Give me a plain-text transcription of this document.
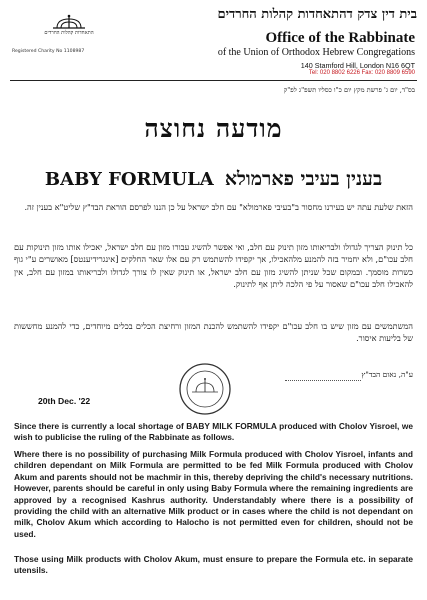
בית דין צדק דהתאחדות קהלות החרדים
התאחדות קהלות החרדים
Registered Charity No 1108987
Office of the Rabbinate
of the Union of Orthodox Hebrew Congregations
140 Stamford Hill, London N16 6QT
Tel: 020 8802 6226 Fax: 020 8809 6590
בס"ד, יום ג' פרשת מקץ יום כ"ו כסליו תשפ"ג לפ"ק
מודעה נחוצה
BABY FORMULA בענין בעיבי פארמולא
הזאת שלעת עתה יש בעירנו מחסור ב"בעיבי פארמולא" עם חלב ישראל על כן הננו לפרסם הוראת הבד"ץ שליט"א בענין זה.
כל תינוק הצריך לגדולו ולבריאותו מזון תינוק עם חלב, ואי אפשר להשיג עבורו מזון עם חלב ישראל, יאכילו אותו מזון תינוקות עם חלב עכו"ם, ולא יחמיר בזה להמנע מלהאכילו, אך יקפידו להשתמש רק עם אלו שאר החלקים [אינגרידיענטס] מאושרים ע"י גוף כשרות מוסמך. ובמקום שכל שניתן להשיג מזון עם חלב ישראל, או תינוק שאין לו צורך לגדולו ולבריאותו במזון עם חלב, אין להאכילו חלב עכו"ם שאסור על פי הלכה ליתן אף לתינוק.
המשתמשים עם מזון שיש בו חלב עכו"ם יקפידו להשתמש להכנת המזון ורחיצת הכלים בכלים מיוחדים, כדי להמנע מחששות של בליעות איסור.
ע"ה, נאום הבד"ץ
20th Dec. '22
Since there is currently a local shortage of BABY MILK FORMULA produced with Cholov Yisroel, we wish to publicise the ruling of the Rabbinate as follows.
Where there is no possibility of purchasing Milk Formula produced with Cholov Yisroel, infants and children dependant on Milk Formula are permitted to be fed Milk Formula produced with Cholov Akum and parents should not be machmir in this, thereby depriving the child's necessary nutritions. However, parents should be careful in only using Baby Formula where the remaining ingredients are approved by a recognised Kashrus authority. Understandably where there is a possibility of providing the child with an alternative Milk product or in cases where the child is not dependant on milk, Cholov Akum which according to Halocho is not permitted even for children, should not be used.
Those using Milk products with Cholov Akum, must ensure to prepare the Formula etc. in separate utensils.
